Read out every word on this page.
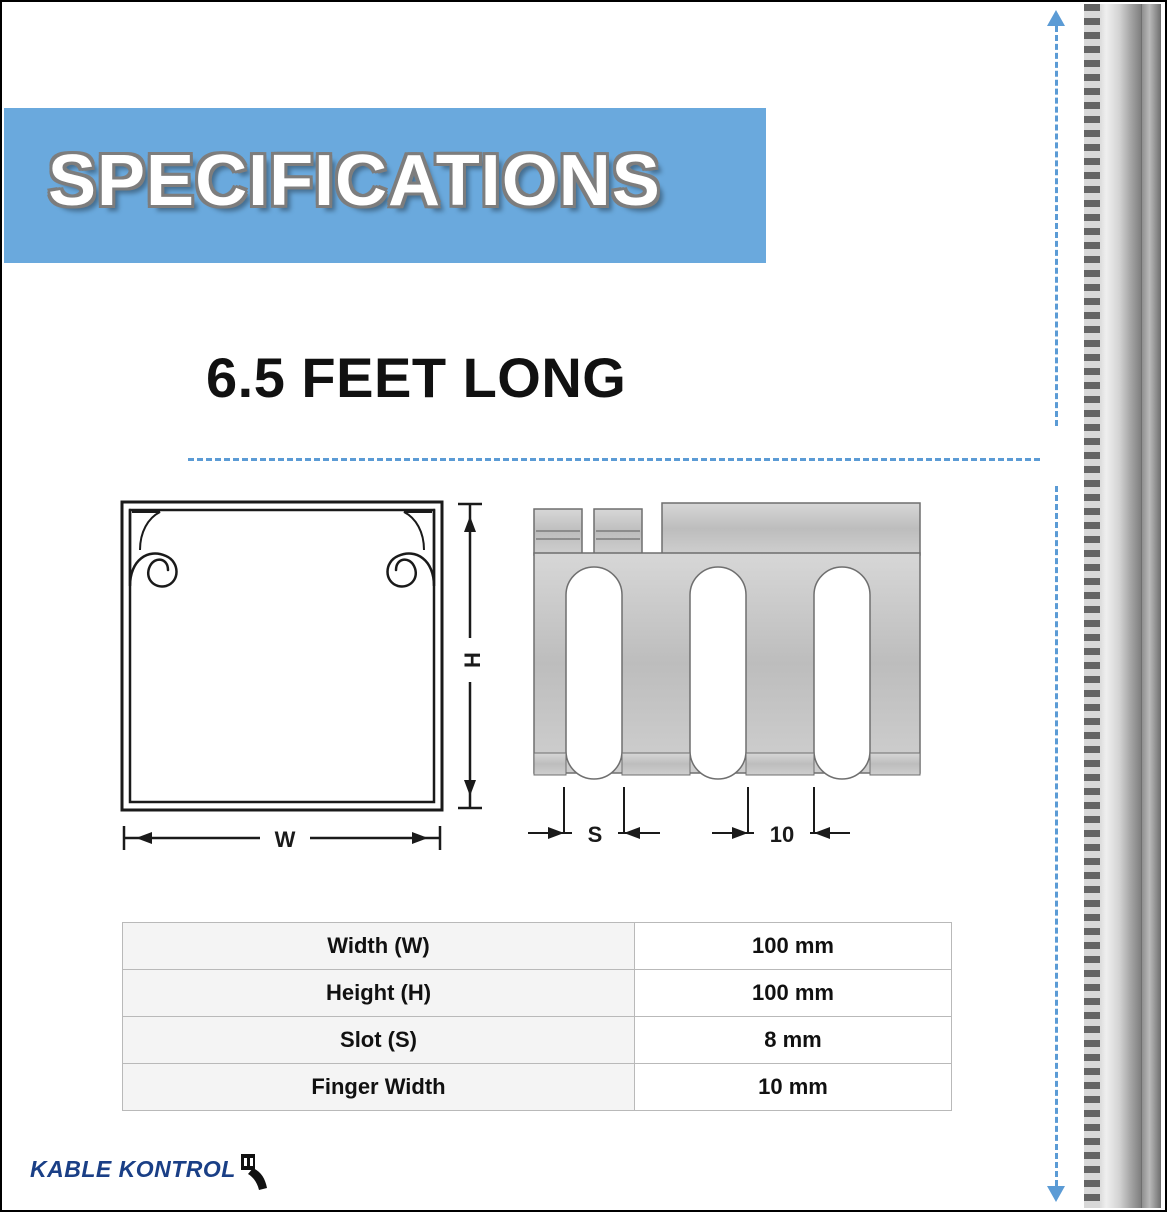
SPECIFICATIONS
6.5 FEET LONG
H
W	S	10
Width (W)	100 mm
Height (H)	100 mm
Slot (S)	8 mm
Finger Width	10 mm
KABLE KONTROL
